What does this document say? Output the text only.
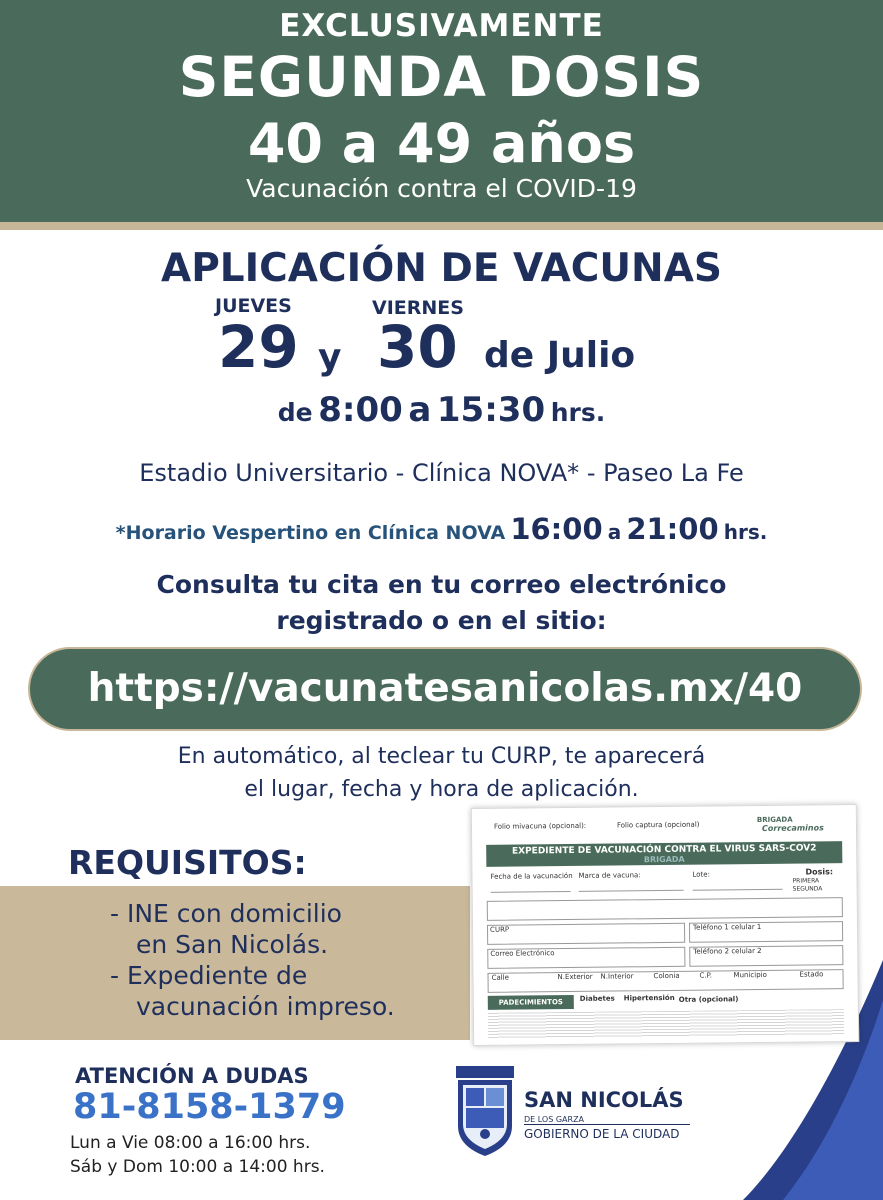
EXCLUSIVAMENTE
SEGUNDA DOSIS
40 a 49 años
Vacunación contra el COVID-19
APLICACIÓN DE VACUNAS
JUEVES	VIERNES
29 y 30 de Julio
de 8:00 a 15:30 hrs.
Estadio Universitario - Clínica NOVA* - Paseo La Fe
*Horario Vespertino en Clínica NOVA 16:00 a 21:00 hrs.
Consulta tu cita en tu correo electrónico
registrado o en el sitio:
https://vacunatesanicolas.mx/40
En automático, al teclear tu CURP, te aparecerá
el lugar, fecha y hora de aplicación.
REQUISITOS:
- INE con domicilio
en San Nicolás.
- Expediente de
vacunación impreso.
Folio mivacuna (opcional):	Folio captura (opcional)
BRIGADA
Correcaminos
EXPEDIENTE DE VACUNACIÓN CONTRA EL VIRUS SARS-COV2
BRIGADA
Fecha de la vacunación Marca de vacuna:	Lote:	Dosis:
PRIMERA
SEGUNDA
CURP	Teléfono 1 celular 1
Correo Electrónico	Teléfono 2 celular 2
Calle	N.Exterior N.Interior	Colonia	C.P.	Municipio	Estado
PADECIMIENTOS	Diabetes Hipertensión Otra (opcional)
ATENCIÓN A DUDAS
81-8158-1379
Lun a Vie 08:00 a 16:00 hrs.
Sáb y Dom 10:00 a 14:00 hrs.
SAN NICOLÁS
DE LOS GARZA
GOBIERNO DE LA CIUDAD
